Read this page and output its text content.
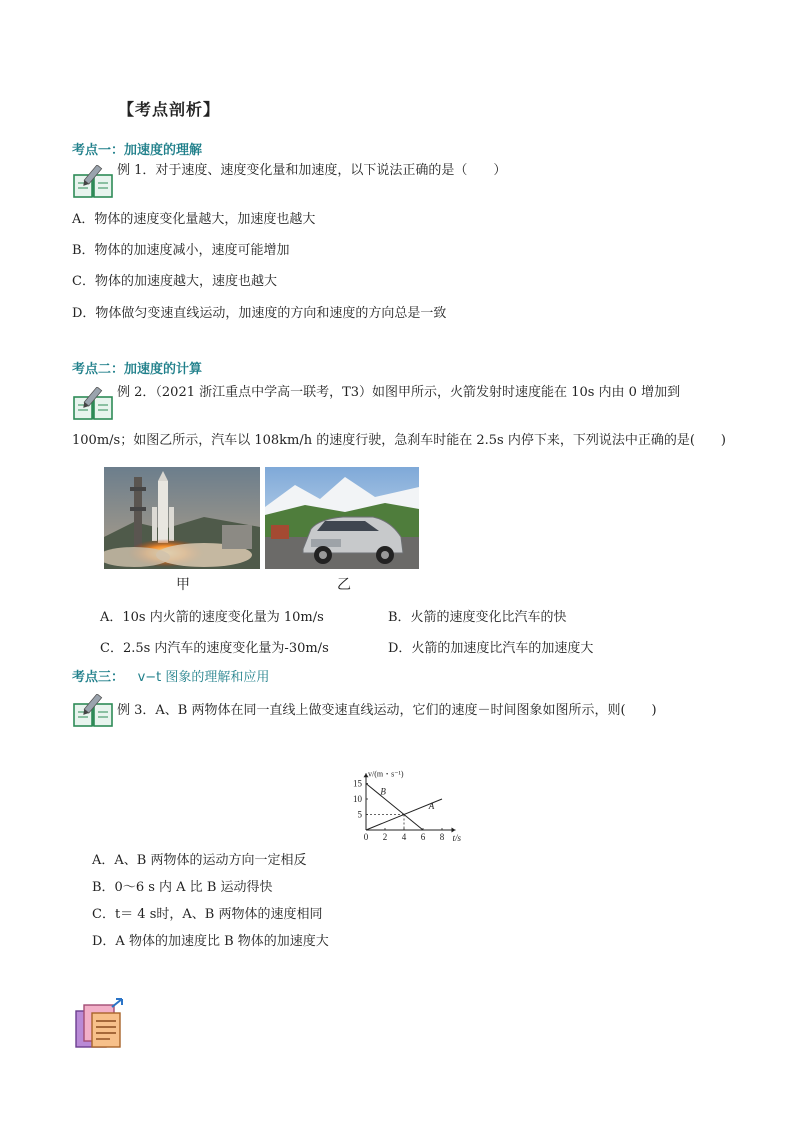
【考点剖析】
考点一：加速度的理解
例 1．对于速度、速度变化量和加速度，以下说法正确的是（　　）
A．物体的速度变化量越大，加速度也越大
B．物体的加速度减小，速度可能增加
C．物体的加速度越大，速度也越大
D．物体做匀变速直线运动，加速度的方向和速度的方向总是一致
考点二：加速度的计算
例 2．（2021 浙江重点中学高一联考，T3）如图甲所示，火箭发射时速度能在 10s 内由 0 增加到
100m/s；如图乙所示，汽车以 108km/h 的速度行驶，急刹车时能在 2.5s 内停下来，下列说法中正确的是(　　)
甲	乙
A．10s 内火箭的速度变化量为 10m/s	B．火箭的速度变化比汽车的快
C．2.5s 内汽车的速度变化量为-30m/s	D．火箭的加速度比汽车的加速度大
考点三： v−t 图象的理解和应用
例 3．A、B 两物体在同一直线上做变速直线运动，它们的速度－时间图象如图所示，则(　　)
0 2 4 6 8
5
10
15
t/s
v/(m・s⁻¹)
B
A
A．A、B 两物体的运动方向一定相反
B．0～6 s 内 A 比 B 运动得快
C．t＝ 4 s时，A、B 两物体的速度相同
D．A 物体的加速度比 B 物体的加速度大
